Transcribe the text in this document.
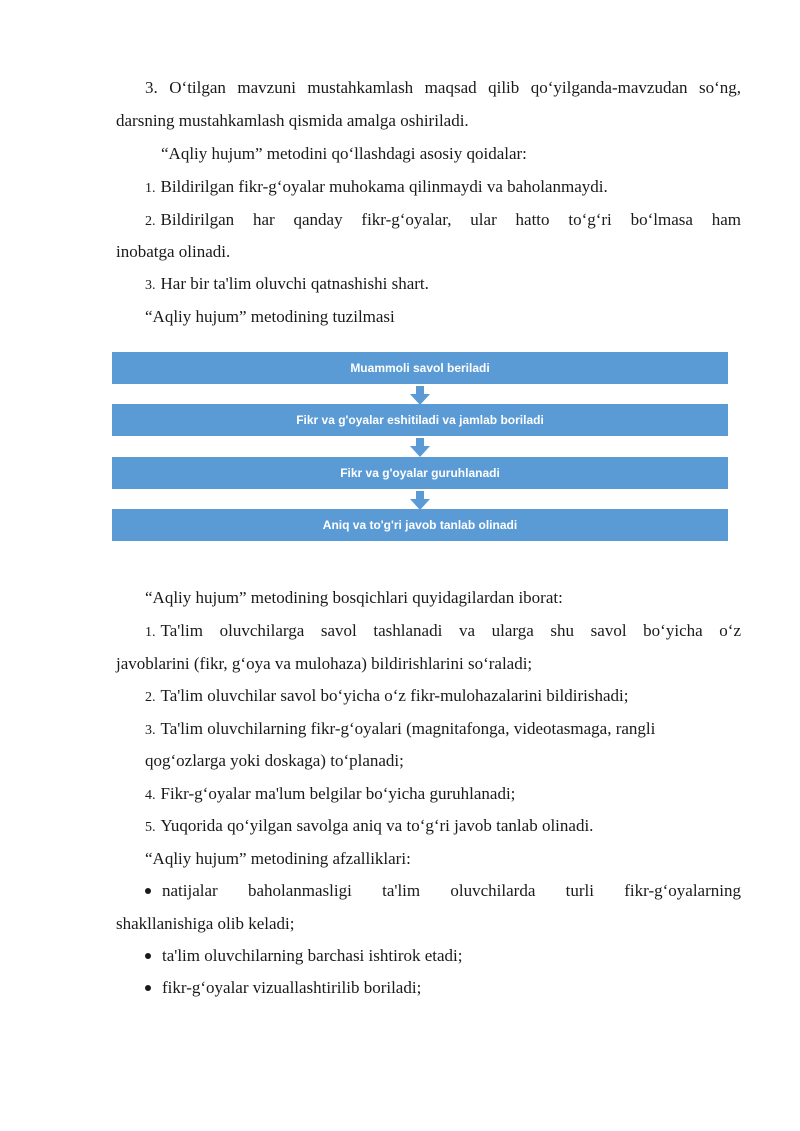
3. O‘tilgan mavzuni mustahkamlash maqsad qilib qo‘yilganda-mavzudan so‘ng,
darsning mustahkamlash qismida amalga oshiriladi.
“Aqliy hujum” metodini qo‘llashdagi asosiy qoidalar:
1. Bildirilgan fikr-g‘oyalar muhokama qilinmaydi va baholanmaydi.
2. Bildirilgan har qanday fikr-g‘oyalar, ular hatto to‘g‘ri bo‘lmasa ham
inobatga olinadi.
3. Har bir ta'lim oluvchi qatnashishi shart.
“Aqliy hujum” metodining tuzilmasi
Muammoli savol beriladi
Fikr va g'oyalar eshitiladi va jamlab boriladi
Fikr va g'oyalar guruhlanadi
Aniq va to'g'ri javob tanlab olinadi
“Aqliy hujum” metodining bosqichlari quyidagilardan iborat:
1. Ta'lim oluvchilarga savol tashlanadi va ularga shu savol bo‘yicha o‘z
javoblarini (fikr, g‘oya va mulohaza) bildirishlarini so‘raladi;
2. Ta'lim oluvchilar savol bo‘yicha o‘z fikr-mulohazalarini bildirishadi;
3. Ta'lim oluvchilarning fikr-g‘oyalari (magnitafonga, videotasmaga, rangli
qog‘ozlarga yoki doskaga) to‘planadi;
4. Fikr-g‘oyalar ma'lum belgilar bo‘yicha guruhlanadi;
5. Yuqorida qo‘yilgan savolga aniq va to‘g‘ri javob tanlab olinadi.
“Aqliy hujum” metodining afzalliklari:
natijalar baholanmasligi ta'lim oluvchilarda turli fikr-g‘oyalarning
shakllanishiga olib keladi;
ta'lim oluvchilarning barchasi ishtirok etadi;
fikr-g‘oyalar vizuallashtirilib boriladi;
